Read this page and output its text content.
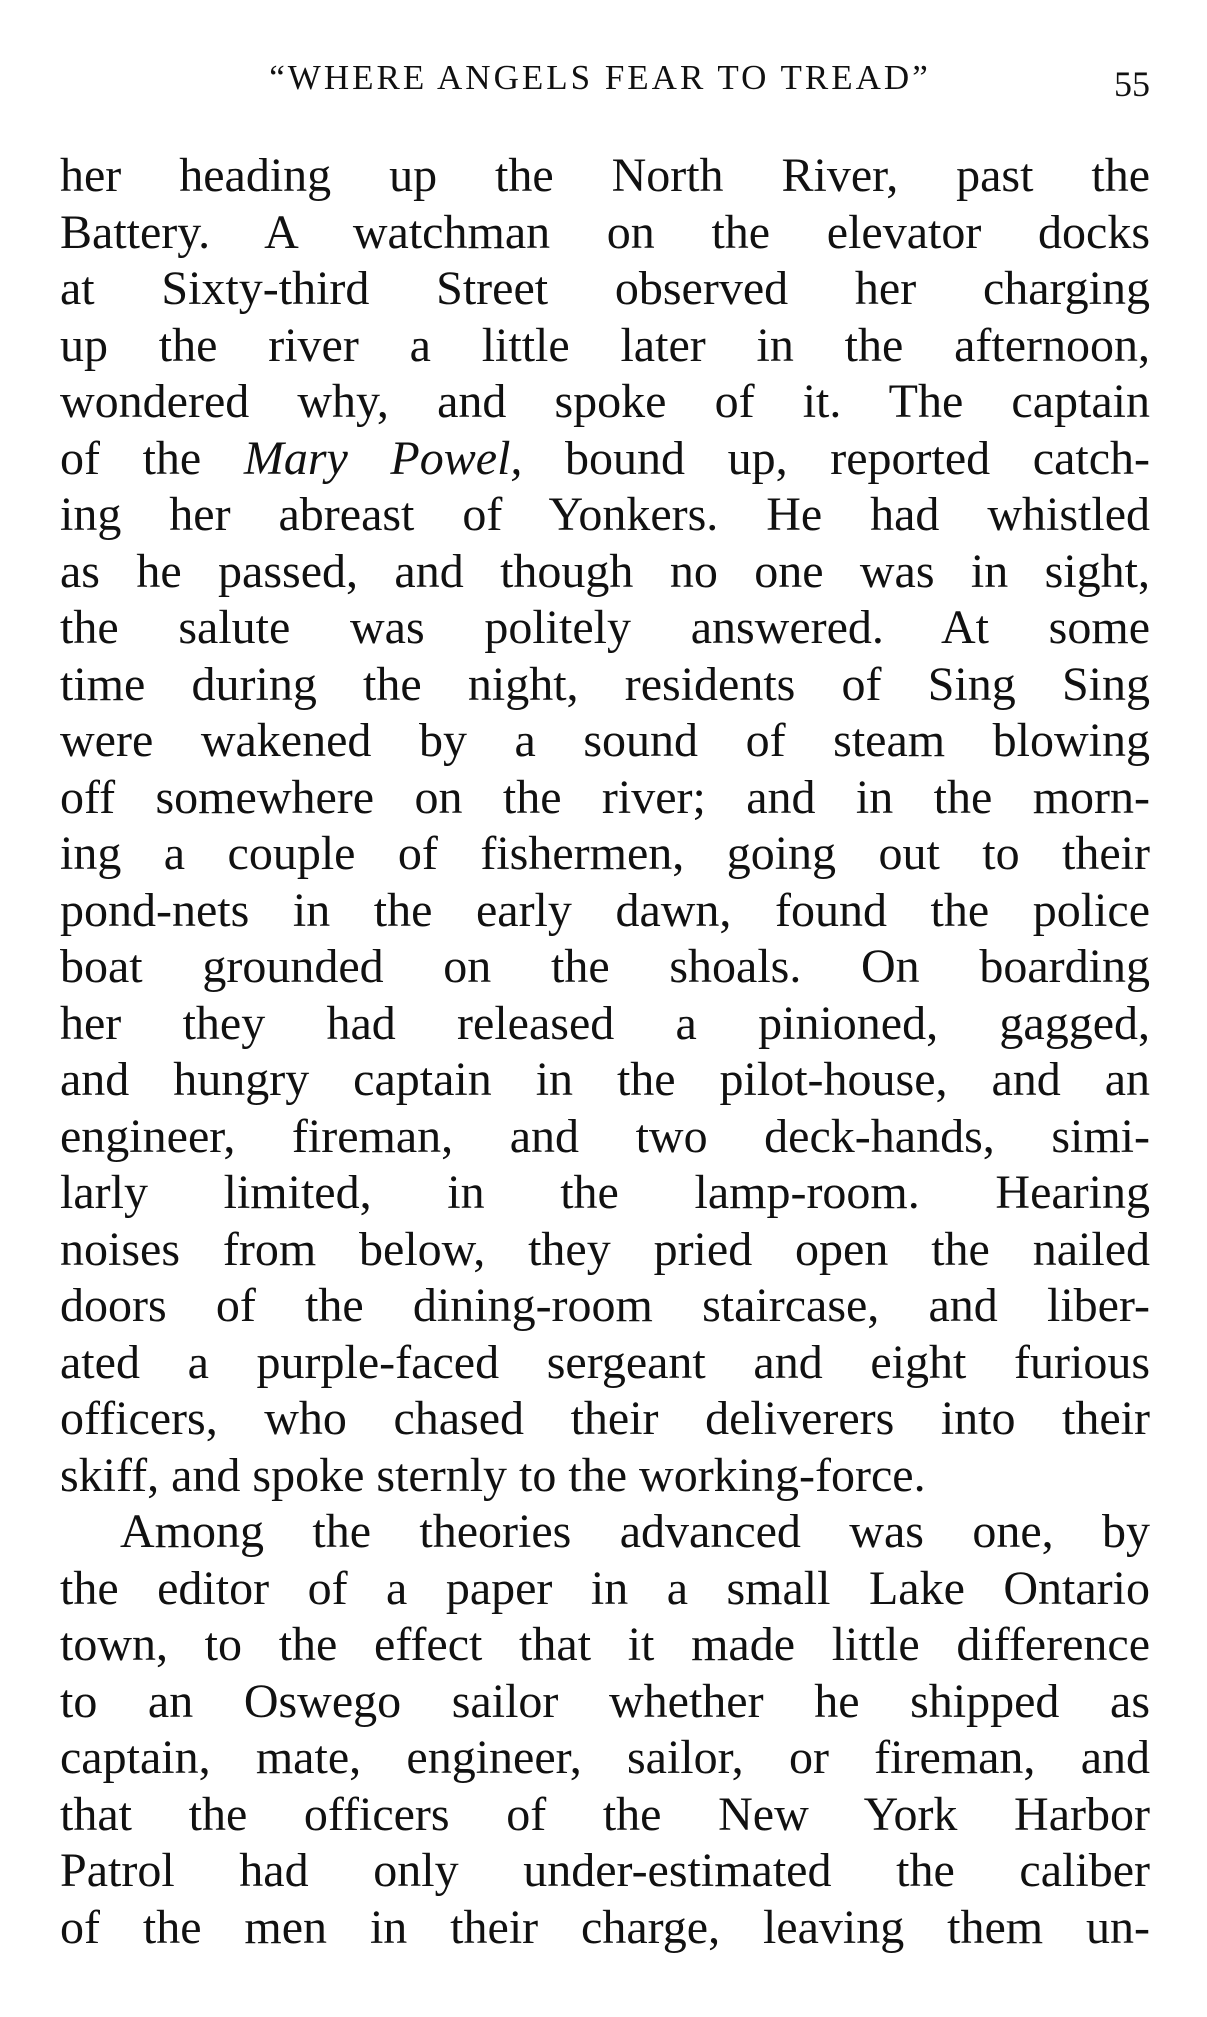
“WHERE ANGELS FEAR TO TREAD”	55
her heading up the North River, past the
Battery. A watchman on the elevator docks
at Sixty-third Street observed her charging
up the river a little later in the afternoon,
wondered why, and spoke of it. The captain
of the Mary Powel, bound up, reported catch-
ing her abreast of Yonkers. He had whistled
as he passed, and though no one was in sight,
the salute was politely answered. At some
time during the night, residents of Sing Sing
were wakened by a sound of steam blowing
off somewhere on the river; and in the morn-
ing a couple of fishermen, going out to their
pond-nets in the early dawn, found the police
boat grounded on the shoals. On boarding
her they had released a pinioned, gagged,
and hungry captain in the pilot-house, and an
engineer, fireman, and two deck-hands, simi-
larly limited, in the lamp-room. Hearing
noises from below, they pried open the nailed
doors of the dining-room staircase, and liber-
ated a purple-faced sergeant and eight furious
officers, who chased their deliverers into their
skiff, and spoke sternly to the working-force.
Among the theories advanced was one, by
the editor of a paper in a small Lake Ontario
town, to the effect that it made little difference
to an Oswego sailor whether he shipped as
captain, mate, engineer, sailor, or fireman, and
that the officers of the New York Harbor
Patrol had only under-estimated the caliber
of the men in their charge, leaving them un-
